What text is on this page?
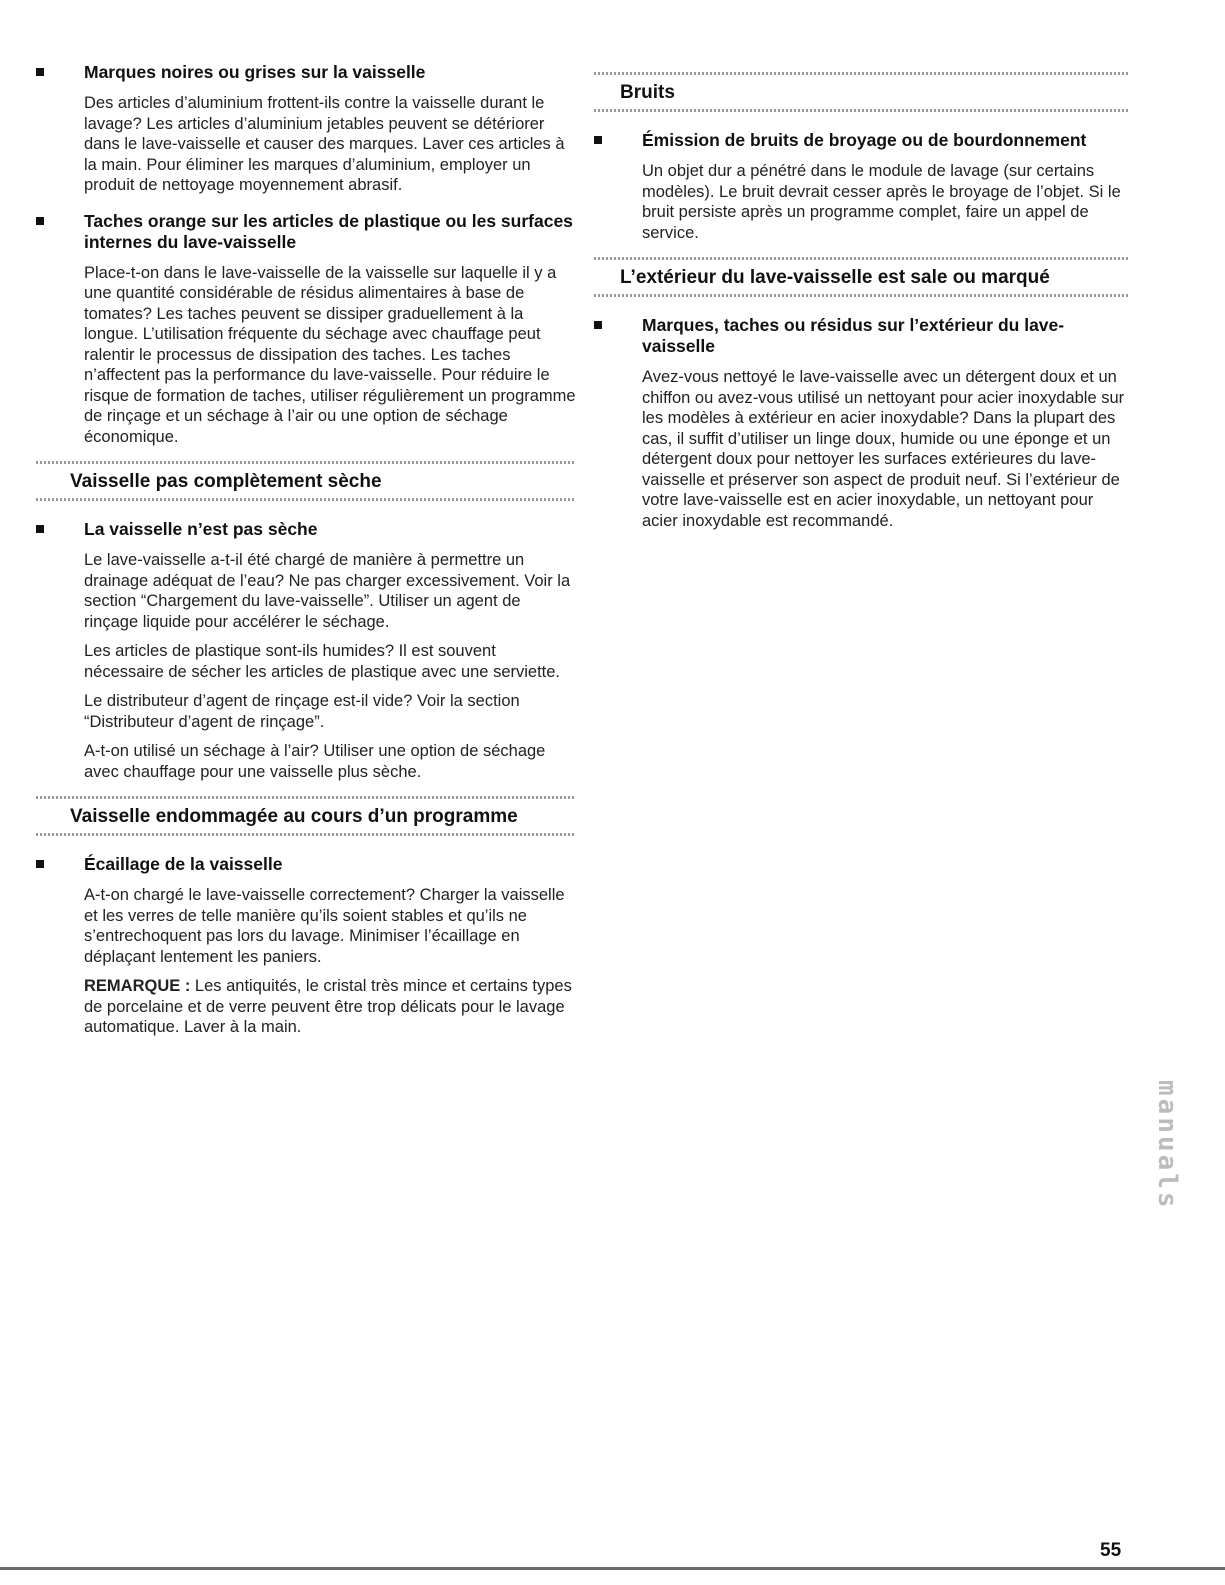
Marques noires ou grises sur la vaisselle

Des articles d’aluminium frottent-ils contre la vaisselle durant le lavage? Les articles d’aluminium jetables peuvent se détériorer dans le lave-vaisselle et causer des marques. Laver ces articles à la main. Pour éliminer les marques d’aluminium, employer un produit de nettoyage moyennement abrasif.

Taches orange sur les articles de plastique ou les surfaces internes du lave-vaisselle

Place-t-on dans le lave-vaisselle de la vaisselle sur laquelle il y a une quantité considérable de résidus alimentaires à base de tomates? Les taches peuvent se dissiper graduellement à la longue. L’utilisation fréquente du séchage avec chauffage peut ralentir le processus de dissipation des taches. Les taches n’affectent pas la performance du lave-vaisselle. Pour réduire le risque de formation de taches, utiliser régulièrement un programme de rinçage et un séchage à l’air ou une option de séchage économique.

Vaisselle pas complètement sèche
La vaisselle n’est pas sèche

Le lave-vaisselle a-t-il été chargé de manière à permettre un drainage adéquat de l’eau? Ne pas charger excessivement. Voir la section “Chargement du lave-vaisselle”. Utiliser un agent de rinçage liquide pour accélérer le séchage.

Les articles de plastique sont-ils humides? Il est souvent nécessaire de sécher les articles de plastique avec une serviette.

Le distributeur d’agent de rinçage est-il vide? Voir la section “Distributeur d’agent de rinçage”.

A-t-on utilisé un séchage à l’air? Utiliser une option de séchage avec chauffage pour une vaisselle plus sèche.

Vaisselle endommagée au cours d’un programme
Écaillage de la vaisselle

A-t-on chargé le lave-vaisselle correctement? Charger la vaisselle et les verres de telle manière qu’ils soient stables et qu’ils ne s’entrechoquent pas lors du lavage. Minimiser l’écaillage en déplaçant lentement les paniers.

REMARQUE : Les antiquités, le cristal très mince et certains types de porcelaine et de verre peuvent être trop délicats pour le lavage automatique. Laver à la main.

Bruits
Émission de bruits de broyage ou de bourdonnement

Un objet dur a pénétré dans le module de lavage (sur certains modèles). Le bruit devrait cesser après le broyage de l’objet. Si le bruit persiste après un programme complet, faire un appel de service.

L’extérieur du lave-vaisselle est sale ou marqué
Marques, taches ou résidus sur l’extérieur du lave-vaisselle

Avez-vous nettoyé le lave-vaisselle avec un détergent doux et un chiffon ou avez-vous utilisé un nettoyant pour acier inoxydable sur les modèles à extérieur en acier inoxydable? Dans la plupart des cas, il suffit d’utiliser un linge doux, humide ou une éponge et un détergent doux pour nettoyer les surfaces extérieures du lave-vaisselle et préserver son aspect de produit neuf. Si l’extérieur de votre lave-vaisselle est en acier inoxydable, un nettoyant pour acier inoxydable est recommandé.

manuals
55
